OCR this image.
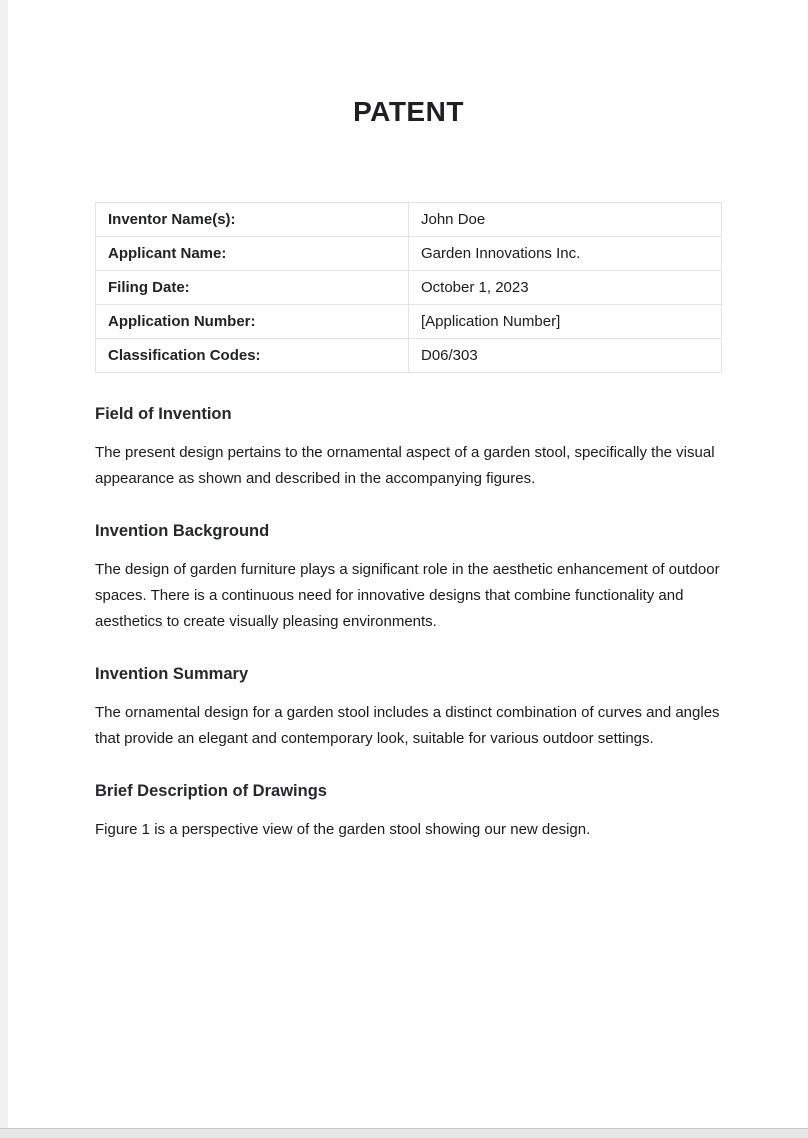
PATENT
Inventor Name(s):	John Doe
Applicant Name:	Garden Innovations Inc.
Filing Date:	October 1, 2023
Application Number:	[Application Number]
Classification Codes:	D06/303
Field of Invention

The present design pertains to the ornamental aspect of a garden stool, specifically the visual appearance as shown and described in the accompanying figures.

Invention Background

The design of garden furniture plays a significant role in the aesthetic enhancement of outdoor spaces. There is a continuous need for innovative designs that combine functionality and aesthetics to create visually pleasing environments.

Invention Summary

The ornamental design for a garden stool includes a distinct combination of curves and angles that provide an elegant and contemporary look, suitable for various outdoor settings.

Brief Description of Drawings

Figure 1 is a perspective view of the garden stool showing our new design.
